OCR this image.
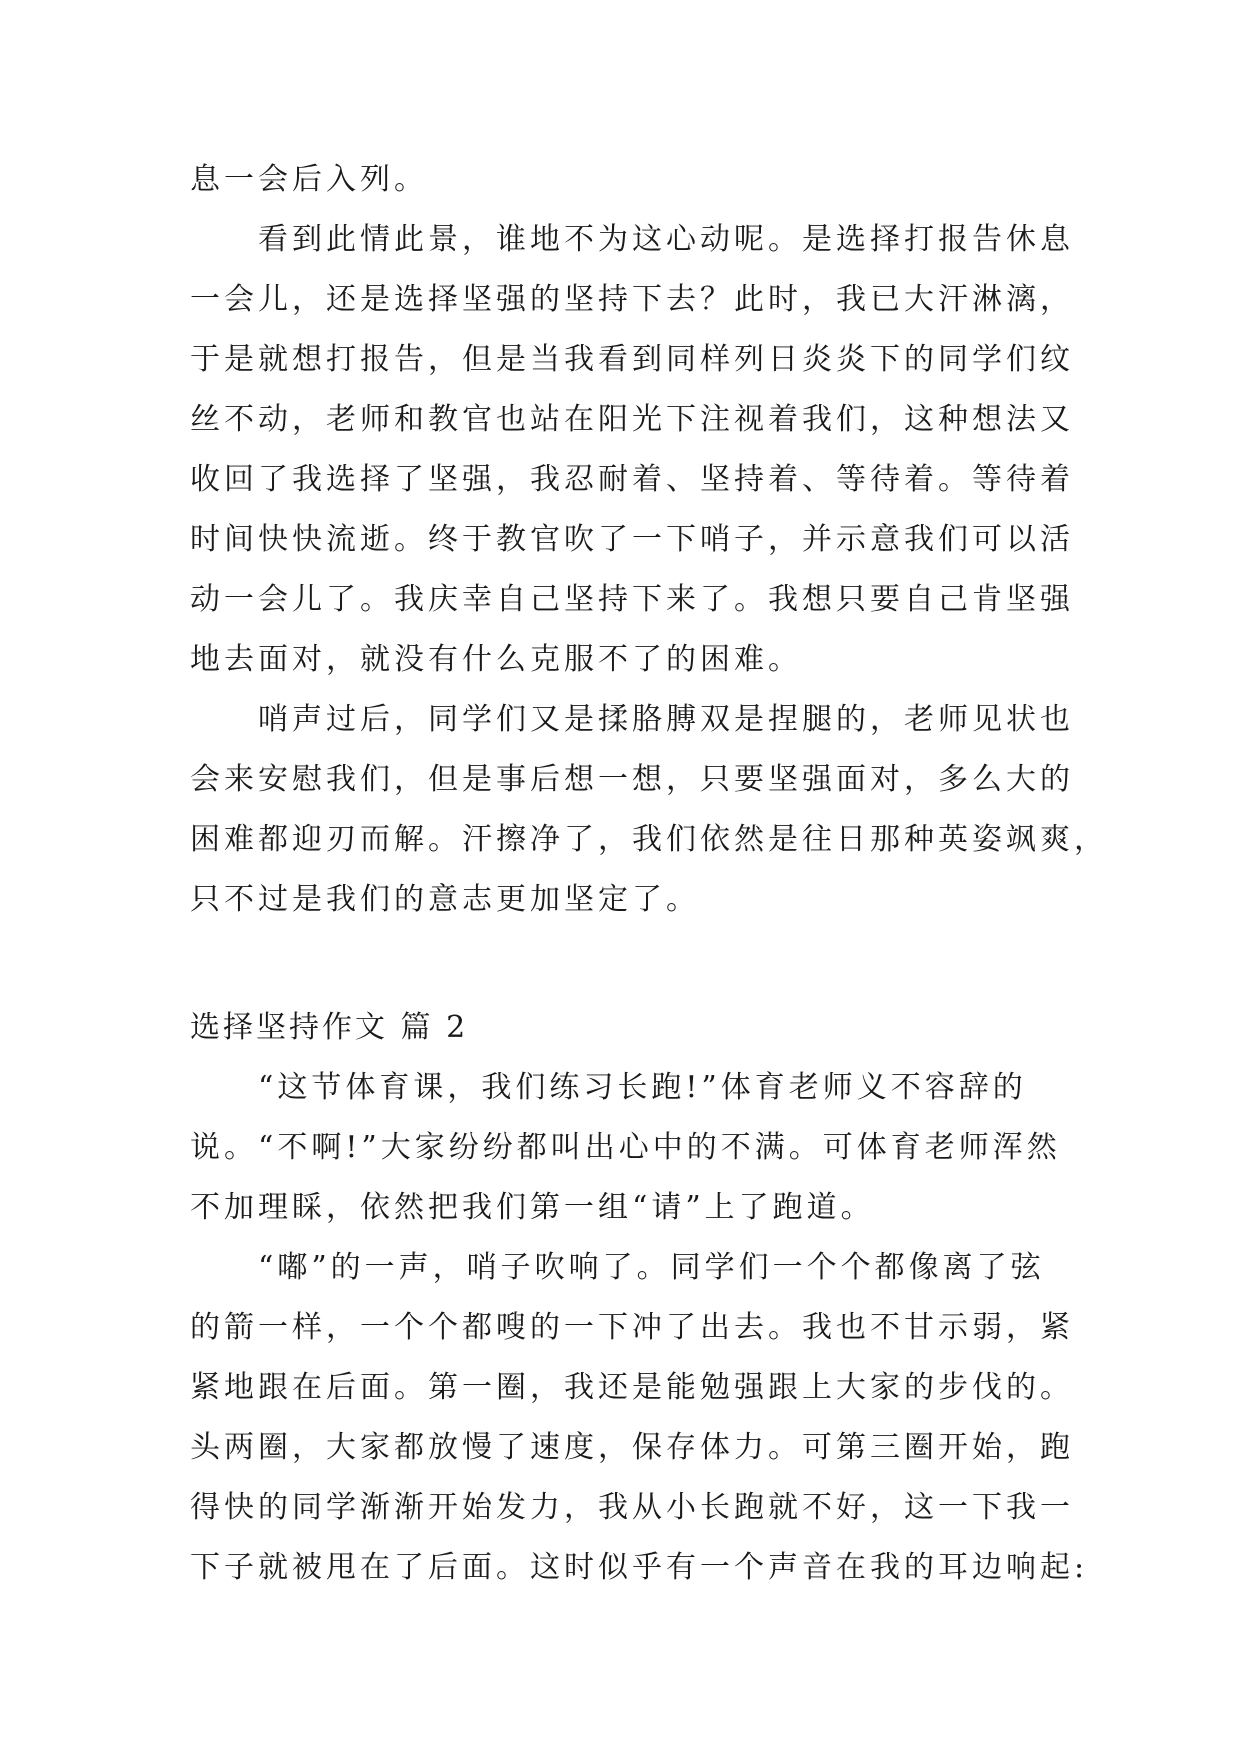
息一会后入列。
看到此情此景，谁地不为这心动呢。是选择打报告休息
一会儿，还是选择坚强的坚持下去？此时，我已大汗淋漓，
于是就想打报告，但是当我看到同样列日炎炎下的同学们纹
丝不动，老师和教官也站在阳光下注视着我们，这种想法又
收回了我选择了坚强，我忍耐着、坚持着、等待着。等待着
时间快快流逝。终于教官吹了一下哨子，并示意我们可以活
动一会儿了。我庆幸自己坚持下来了。我想只要自己肯坚强
地去面对，就没有什么克服不了的困难。
哨声过后，同学们又是揉胳膊双是捏腿的，老师见状也
会来安慰我们，但是事后想一想，只要坚强面对，多么大的
困难都迎刃而解。汗擦净了，我们依然是往日那种英姿飒爽，
只不过是我们的意志更加坚定了。
选择坚持作文 篇 2
“这节体育课，我们练习长跑!”体育老师义不容辞的
说。“不啊!”大家纷纷都叫出心中的不满。可体育老师浑然
不加理睬，依然把我们第一组“请”上了跑道。
“嘟”的一声，哨子吹响了。同学们一个个都像离了弦
的箭一样，一个个都嗖的一下冲了出去。我也不甘示弱，紧
紧地跟在后面。第一圈，我还是能勉强跟上大家的步伐的。
头两圈，大家都放慢了速度，保存体力。可第三圈开始，跑
得快的同学渐渐开始发力，我从小长跑就不好，这一下我一
下子就被甩在了后面。这时似乎有一个声音在我的耳边响起:
